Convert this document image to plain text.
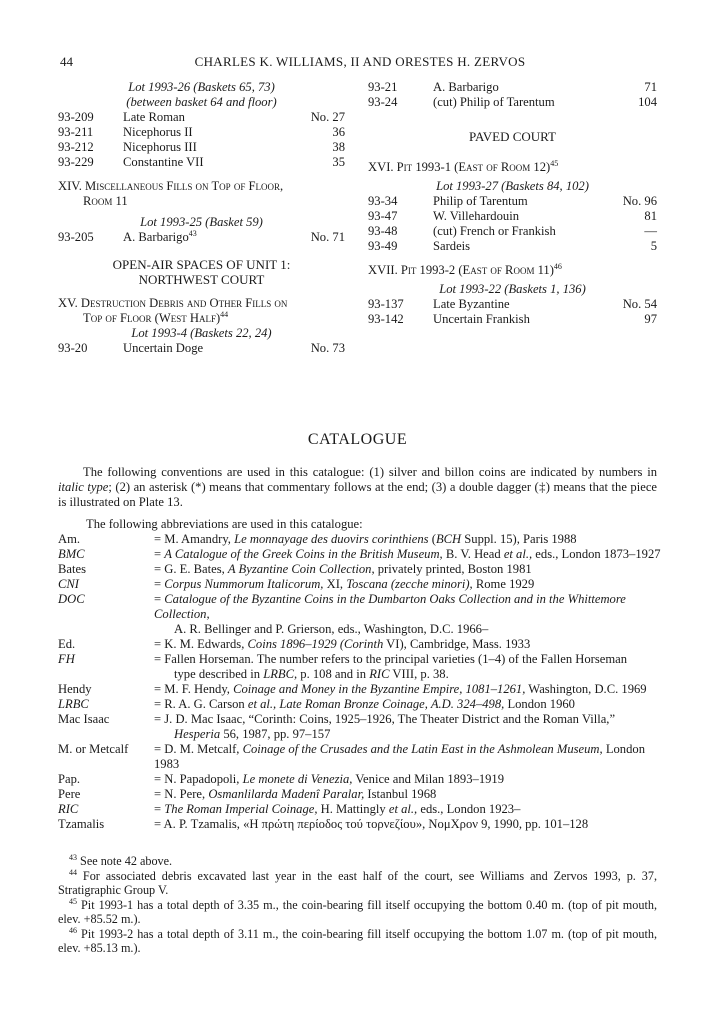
44	CHARLES K. WILLIAMS, II AND ORESTES H. ZERVOS
Lot 1993-26 (Baskets 65, 73)
(between basket 64 and floor)
93-209 Late Roman	No. 27
93-211 Nicephorus II	36
93-212 Nicephorus III	38
93-229 Constantine VII	35
XIV. Miscellaneous Fills on Top of Floor,
Room 11
Lot 1993-25 (Basket 59)
93-205 A. Barbarigo$^{43}$	No. 71
OPEN-AIR SPACES OF UNIT 1:
NORTHWEST COURT
XV. Destruction Debris and Other Fills on
Top of Floor (West Half)$^{44}$
Lot 1993-4 (Baskets 22, 24)
93-20	Uncertain Doge	No. 73
93-21	A. Barbarigo	71
93-24	(cut) Philip of Tarentum	104
PAVED COURT
XVI. Pit 1993-1 (East of Room 12)$^{45}$
Lot 1993-27 (Baskets 84, 102)
93-34	Philip of Tarentum	No. 96
93-47	W. Villehardouin	81
93-48	(cut) French or Frankish	—
93-49	Sardeis	5
XVII. Pit 1993-2 (East of Room 11)$^{46}$
Lot 1993-22 (Baskets 1, 136)
93-137 Late Byzantine	No. 54
93-142 Uncertain Frankish	97
CATALOGUE

The following conventions are used in this catalogue: (1) silver and billon coins are indicated by numbers in italic type; (2) an asterisk (*) means that commentary follows at the end; (3) a double dagger (‡) means that the piece is illustrated on Plate 13.

The following abbreviations are used in this catalogue:
Am.	= M. Amandry, Le monnayage des duovirs corinthiens (BCH Suppl. 15), Paris 1988
BMC	= A Catalogue of the Greek Coins in the British Museum, B. V. Head et al., eds., London 1873–1927
Bates	= G. E. Bates, A Byzantine Coin Collection, privately printed, Boston 1981
CNI	= Corpus Nummorum Italicorum, XI, Toscana (zecche minori), Rome 1929
DOC	= Catalogue of the Byzantine Coins in the Dumbarton Oaks Collection and in the Whittemore Collection,
A. R. Bellinger and P. Grierson, eds., Washington, D.C. 1966–
Ed.	= K. M. Edwards, Coins 1896–1929 (Corinth VI), Cambridge, Mass. 1933
FH	= Fallen Horseman. The number refers to the principal varieties (1–4) of the Fallen Horseman
type described in LRBC, p. 108 and in RIC VIII, p. 38.
Hendy	= M. F. Hendy, Coinage and Money in the Byzantine Empire, 1081–1261, Washington, D.C. 1969
LRBC	= R. A. G. Carson et al., Late Roman Bronze Coinage, A.D. 324–498, London 1960
Mac Isaac	= J. D. Mac Isaac, “Corinth: Coins, 1925–1926, The Theater District and the Roman Villa,”
Hesperia 56, 1987, pp. 97–157
M. or Metcalf = D. M. Metcalf, Coinage of the Crusades and the Latin East in the Ashmolean Museum, London 1983
Pap.	= N. Papadopoli, Le monete di Venezia, Venice and Milan 1893–1919
Pere	= N. Pere, Osmanlilarda Madenî Paralar, Istanbul 1968
RIC	= The Roman Imperial Coinage, H. Mattingly et al., eds., London 1923–
Tzamalis	= A. P. Tzamalis, «Η πρώτη περίοδος τού τορνεζίου», ΝομΧρον 9, 1990, pp. 101–128

$^{43}$ See note 42 above.

$^{44}$ For associated debris excavated last year in the east half of the court, see Williams and Zervos 1993, p. 37, Stratigraphic Group V.

$^{45}$ Pit 1993-1 has a total depth of 3.35 m., the coin-bearing fill itself occupying the bottom 0.40 m. (top of pit mouth, elev. +85.52 m.).

$^{46}$ Pit 1993-2 has a total depth of 3.11 m., the coin-bearing fill itself occupying the bottom 1.07 m. (top of pit mouth, elev. +85.13 m.).
